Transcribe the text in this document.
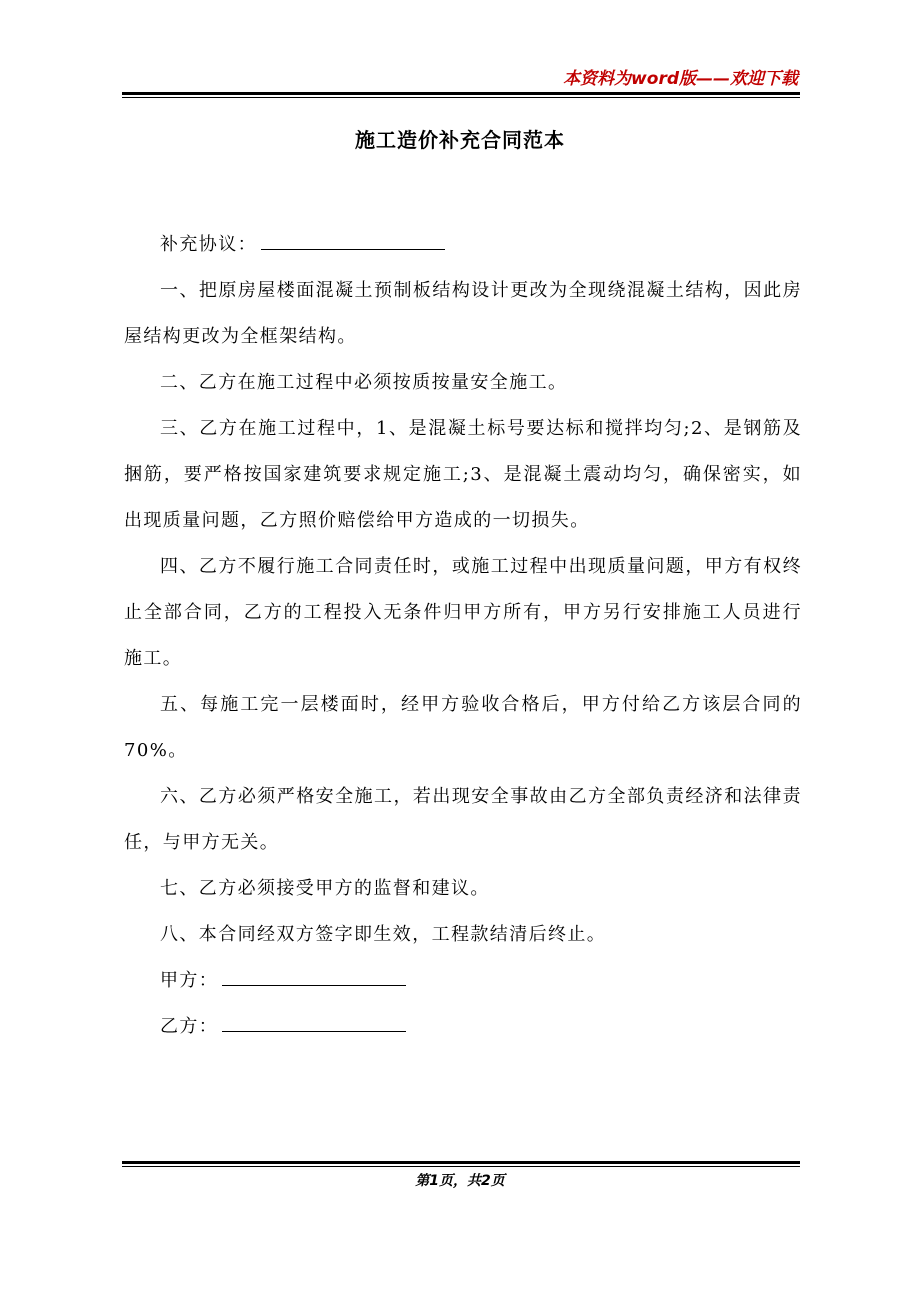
本资料为word版——欢迎下载
施工造价补充合同范本

补充协议：

一、把原房屋楼面混凝土预制板结构设计更改为全现绕混凝土结构，因此房屋结构更改为全框架结构。

二、乙方在施工过程中必须按质按量安全施工。

三、乙方在施工过程中，1、是混凝土标号要达标和搅拌均匀;2、是钢筋及捆筋，要严格按国家建筑要求规定施工;3、是混凝土震动均匀，确保密实，如出现质量问题，乙方照价赔偿给甲方造成的一切损失。

四、乙方不履行施工合同责任时，或施工过程中出现质量问题，甲方有权终止全部合同，乙方的工程投入无条件归甲方所有，甲方另行安排施工人员进行施工。

五、每施工完一层楼面时，经甲方验收合格后，甲方付给乙方该层合同的70%。

六、乙方必须严格安全施工，若出现安全事故由乙方全部负责经济和法律责任，与甲方无关。

七、乙方必须接受甲方的监督和建议。

八、本合同经双方签字即生效，工程款结清后终止。

甲方：

乙方：

第1页，共2页
